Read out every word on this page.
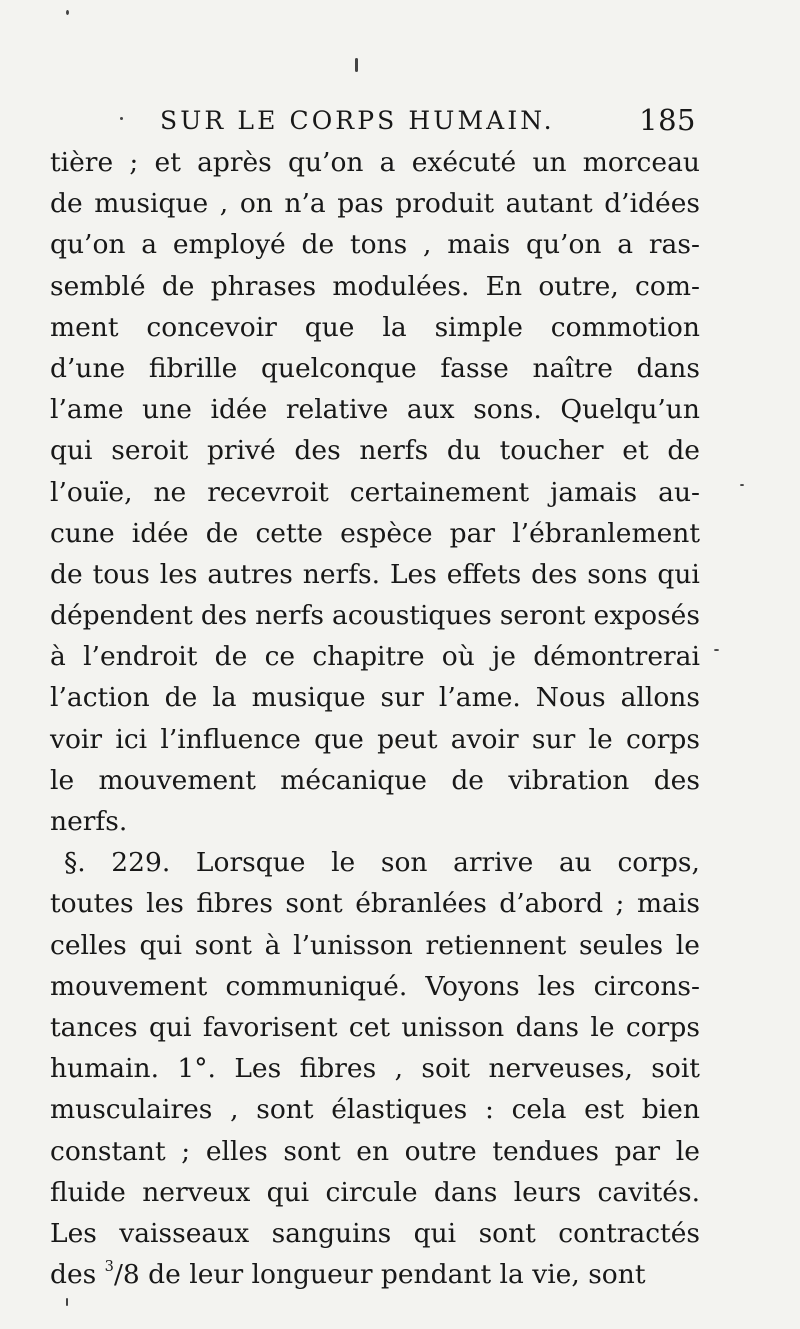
SUR LE CORPS HUMAIN.	185
tière ; et après qu’on a exécuté un morceau
de musique , on n’a pas produit autant d’idées
qu’on a employé de tons , mais qu’on a ras-
semblé de phrases modulées. En outre, com-
ment concevoir que la simple commotion
d’une fibrille quelconque fasse naître dans
l’ame une idée relative aux sons. Quelqu’un
qui seroit privé des nerfs du toucher et de
l’ouïe, ne recevroit certainement jamais au-
cune idée de cette espèce par l’ébranlement
de tous les autres nerfs. Les effets des sons qui
dépendent des nerfs acoustiques seront exposés
à l’endroit de ce chapitre où je démontrerai
l’action de la musique sur l’ame. Nous allons
voir ici l’influence que peut avoir sur le corps
le mouvement mécanique de vibration des
nerfs.
§. 229. Lorsque le son arrive au corps,
toutes les fibres sont ébranlées d’abord ; mais
celles qui sont à l’unisson retiennent seules le
mouvement communiqué. Voyons les circons-
tances qui favorisent cet unisson dans le corps
humain. 1°. Les fibres , soit nerveuses, soit
musculaires , sont élastiques : cela est bien
constant ; elles sont en outre tendues par le
fluide nerveux qui circule dans leurs cavités.
Les vaisseaux sanguins qui sont contractés
des $^3$/8 de leur longueur pendant la vie, sont
